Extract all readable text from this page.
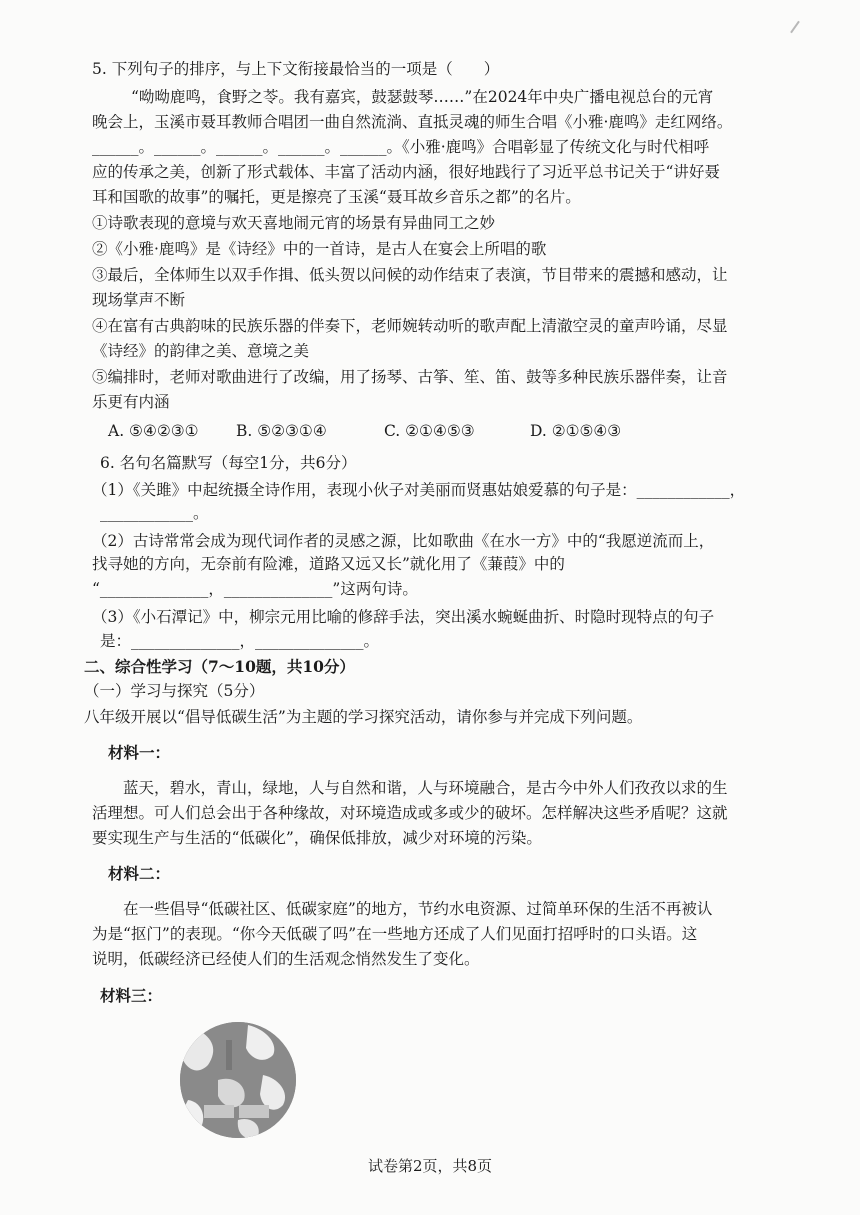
5. 下列句子的排序，与上下文衔接最恰当的一项是（　　）
　　“呦呦鹿鸣，食野之苓。我有嘉宾，鼓瑟鼓琴……”在2024年中央广播电视总台的元宵
晚会上，玉溪市聂耳教师合唱团一曲自然流淌、直抵灵魂的师生合唱《小雅·鹿鸣》走红网络。
______。______。______。______。______。《小雅·鹿鸣》合唱彰显了传统文化与时代相呼
应的传承之美，创新了形式载体、丰富了活动内涵，很好地践行了习近平总书记关于“讲好聂
耳和国歌的故事”的嘱托，更是擦亮了玉溪“聂耳故乡音乐之都”的名片。
①诗歌表现的意境与欢天喜地闹元宵的场景有异曲同工之妙
②《小雅·鹿鸣》是《诗经》中的一首诗，是古人在宴会上所唱的歌
③最后，全体师生以双手作揖、低头贺以问候的动作结束了表演，节目带来的震撼和感动，让
现场掌声不断
④在富有古典韵味的民族乐器的伴奏下，老师婉转动听的歌声配上清澈空灵的童声吟诵，尽显
《诗经》的韵律之美、意境之美
⑤编排时，老师对歌曲进行了改编，用了扬琴、古筝、笙、笛、鼓等多种民族乐器伴奏，让音
乐更有内涵
A. ⑤④②③① B. ⑤②③①④	C. ②①④⑤③	D. ②①⑤④③
6. 名句名篇默写（每空1分，共6分）
（1）《关雎》中起统摄全诗作用，表现小伙子对美丽而贤惠姑娘爱慕的句子是：____________，
____________。
（2）古诗常常会成为现代词作者的灵感之源，比如歌曲《在水一方》中的“我愿逆流而上，
找寻她的方向，无奈前有险滩，道路又远又长”就化用了《蒹葭》中的
“______________，______________”这两句诗。
（3）《小石潭记》中，柳宗元用比喻的修辞手法，突出溪水蜿蜒曲折、时隐时现特点的句子
是：______________，______________。
二、综合性学习（7～10题，共10分）
（一）学习与探究（5分）
八年级开展以“倡导低碳生活”为主题的学习探究活动，请你参与并完成下列问题。
材料一：
　　蓝天，碧水，青山，绿地，人与自然和谐，人与环境融合，是古今中外人们孜孜以求的生
活理想。可人们总会出于各种缘故，对环境造成或多或少的破坏。怎样解决这些矛盾呢？这就
要实现生产与生活的“低碳化”，确保低排放，减少对环境的污染。
材料二：
　　在一些倡导“低碳社区、低碳家庭”的地方，节约水电资源、过简单环保的生活不再被认
为是“抠门”的表现。“你今天低碳了吗”在一些地方还成了人们见面打招呼时的口头语。这
说明，低碳经济已经使人们的生活观念悄然发生了变化。
材料三：
试卷第2页，共8页
